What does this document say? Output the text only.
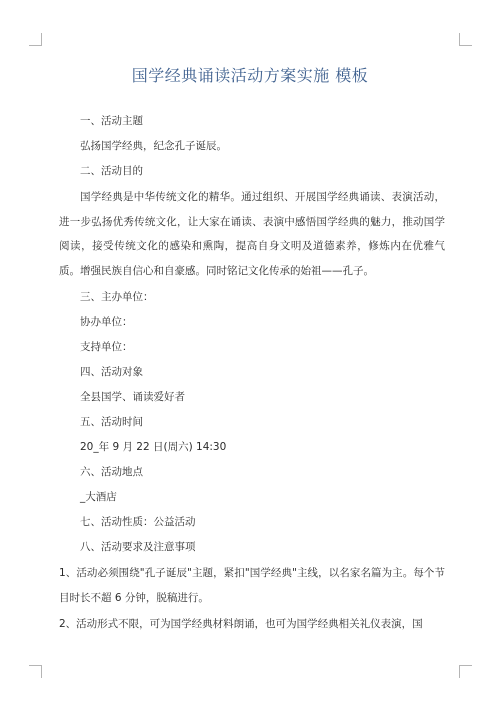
国学经典诵读活动方案实施 模板

一、活动主题

弘扬国学经典，纪念孔子诞辰。

二、活动目的

国学经典是中华传统文化的精华。通过组织、开展国学经典诵读、表演活动，进一步弘扬优秀传统文化，让大家在诵读、表演中感悟国学经典的魅力，推动国学阅读，接受传统文化的感染和熏陶，提高自身文明及道德素养，修炼内在优雅气质。增强民族自信心和自豪感。同时铭记文化传承的始祖——孔子。

三、主办单位：

协办单位：

支持单位：

四、活动对象

全县国学、诵读爱好者

五、活动时间

20_年 9 月 22 日(周六) 14:30

六、活动地点

_大酒店

七、活动性质：公益活动

八、活动要求及注意事项

1、活动必须围绕"孔子诞辰"主题，紧扣"国学经典"主线，以名家名篇为主。每个节目时长不超 6 分钟，脱稿进行。

2、活动形式不限，可为国学经典材料朗诵，也可为国学经典相关礼仪表演，国
